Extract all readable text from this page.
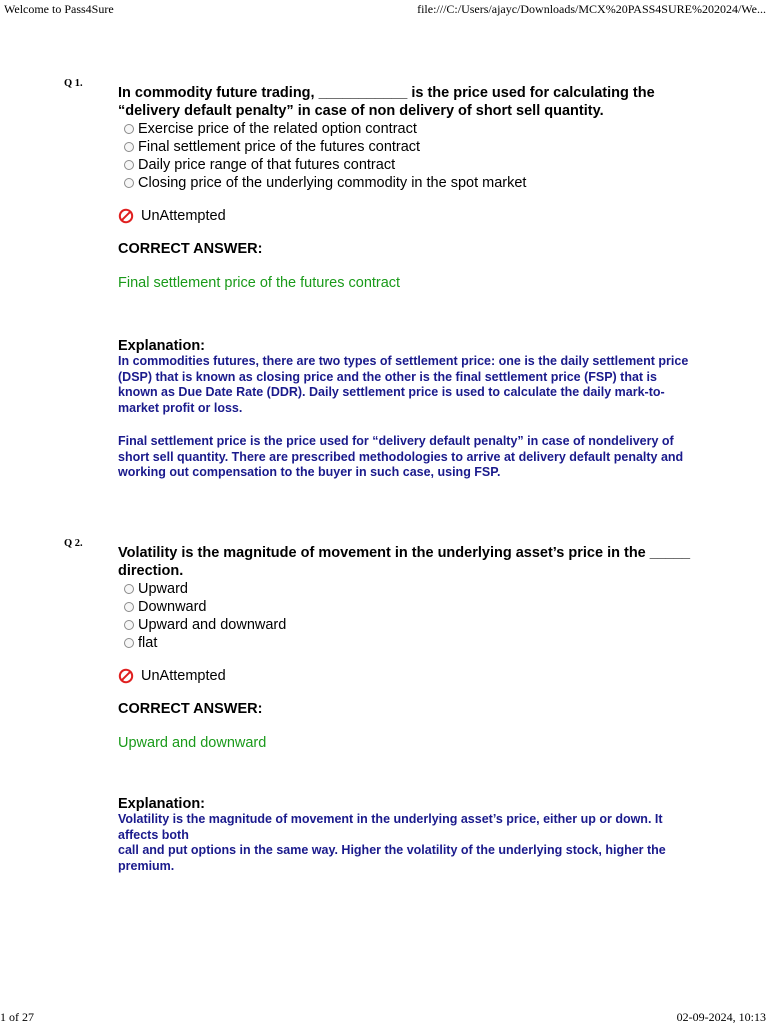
Welcome to Pass4Sure	file:///C:/Users/ajayc/Downloads/MCX%20PASS4SURE%202024/We...
Q 1.

In commodity future trading, ___________ is the price used for calculating the “delivery default penalty” in case of non delivery of short sell quantity.

Exercise price of the related option contract
Final settlement price of the futures contract
Daily price range of that futures contract
Closing price of the underlying commodity in the spot market
UnAttempted
CORRECT ANSWER:
Final settlement price of the futures contract
Explanation:

In commodities futures, there are two types of settlement price: one is the daily settlement price (DSP) that is known as closing price and the other is the final settlement price (FSP) that is known as Due Date Rate (DDR). Daily settlement price is used to calculate the daily mark-to-market profit or loss.

Final settlement price is the price used for “delivery default penalty” in case of nondelivery of short sell quantity. There are prescribed methodologies to arrive at delivery default penalty and working out compensation to the buyer in such case, using FSP.

Q 2.

Volatility is the magnitude of movement in the underlying asset’s price in the _____ direction.

Upward
Downward
Upward and downward
flat
UnAttempted
CORRECT ANSWER:
Upward and downward
Explanation:

Volatility is the magnitude of movement in the underlying asset’s price, either up or down. It affects both
call and put options in the same way. Higher the volatility of the underlying stock, higher the premium.

1 of 27	02-09-2024, 10:13
